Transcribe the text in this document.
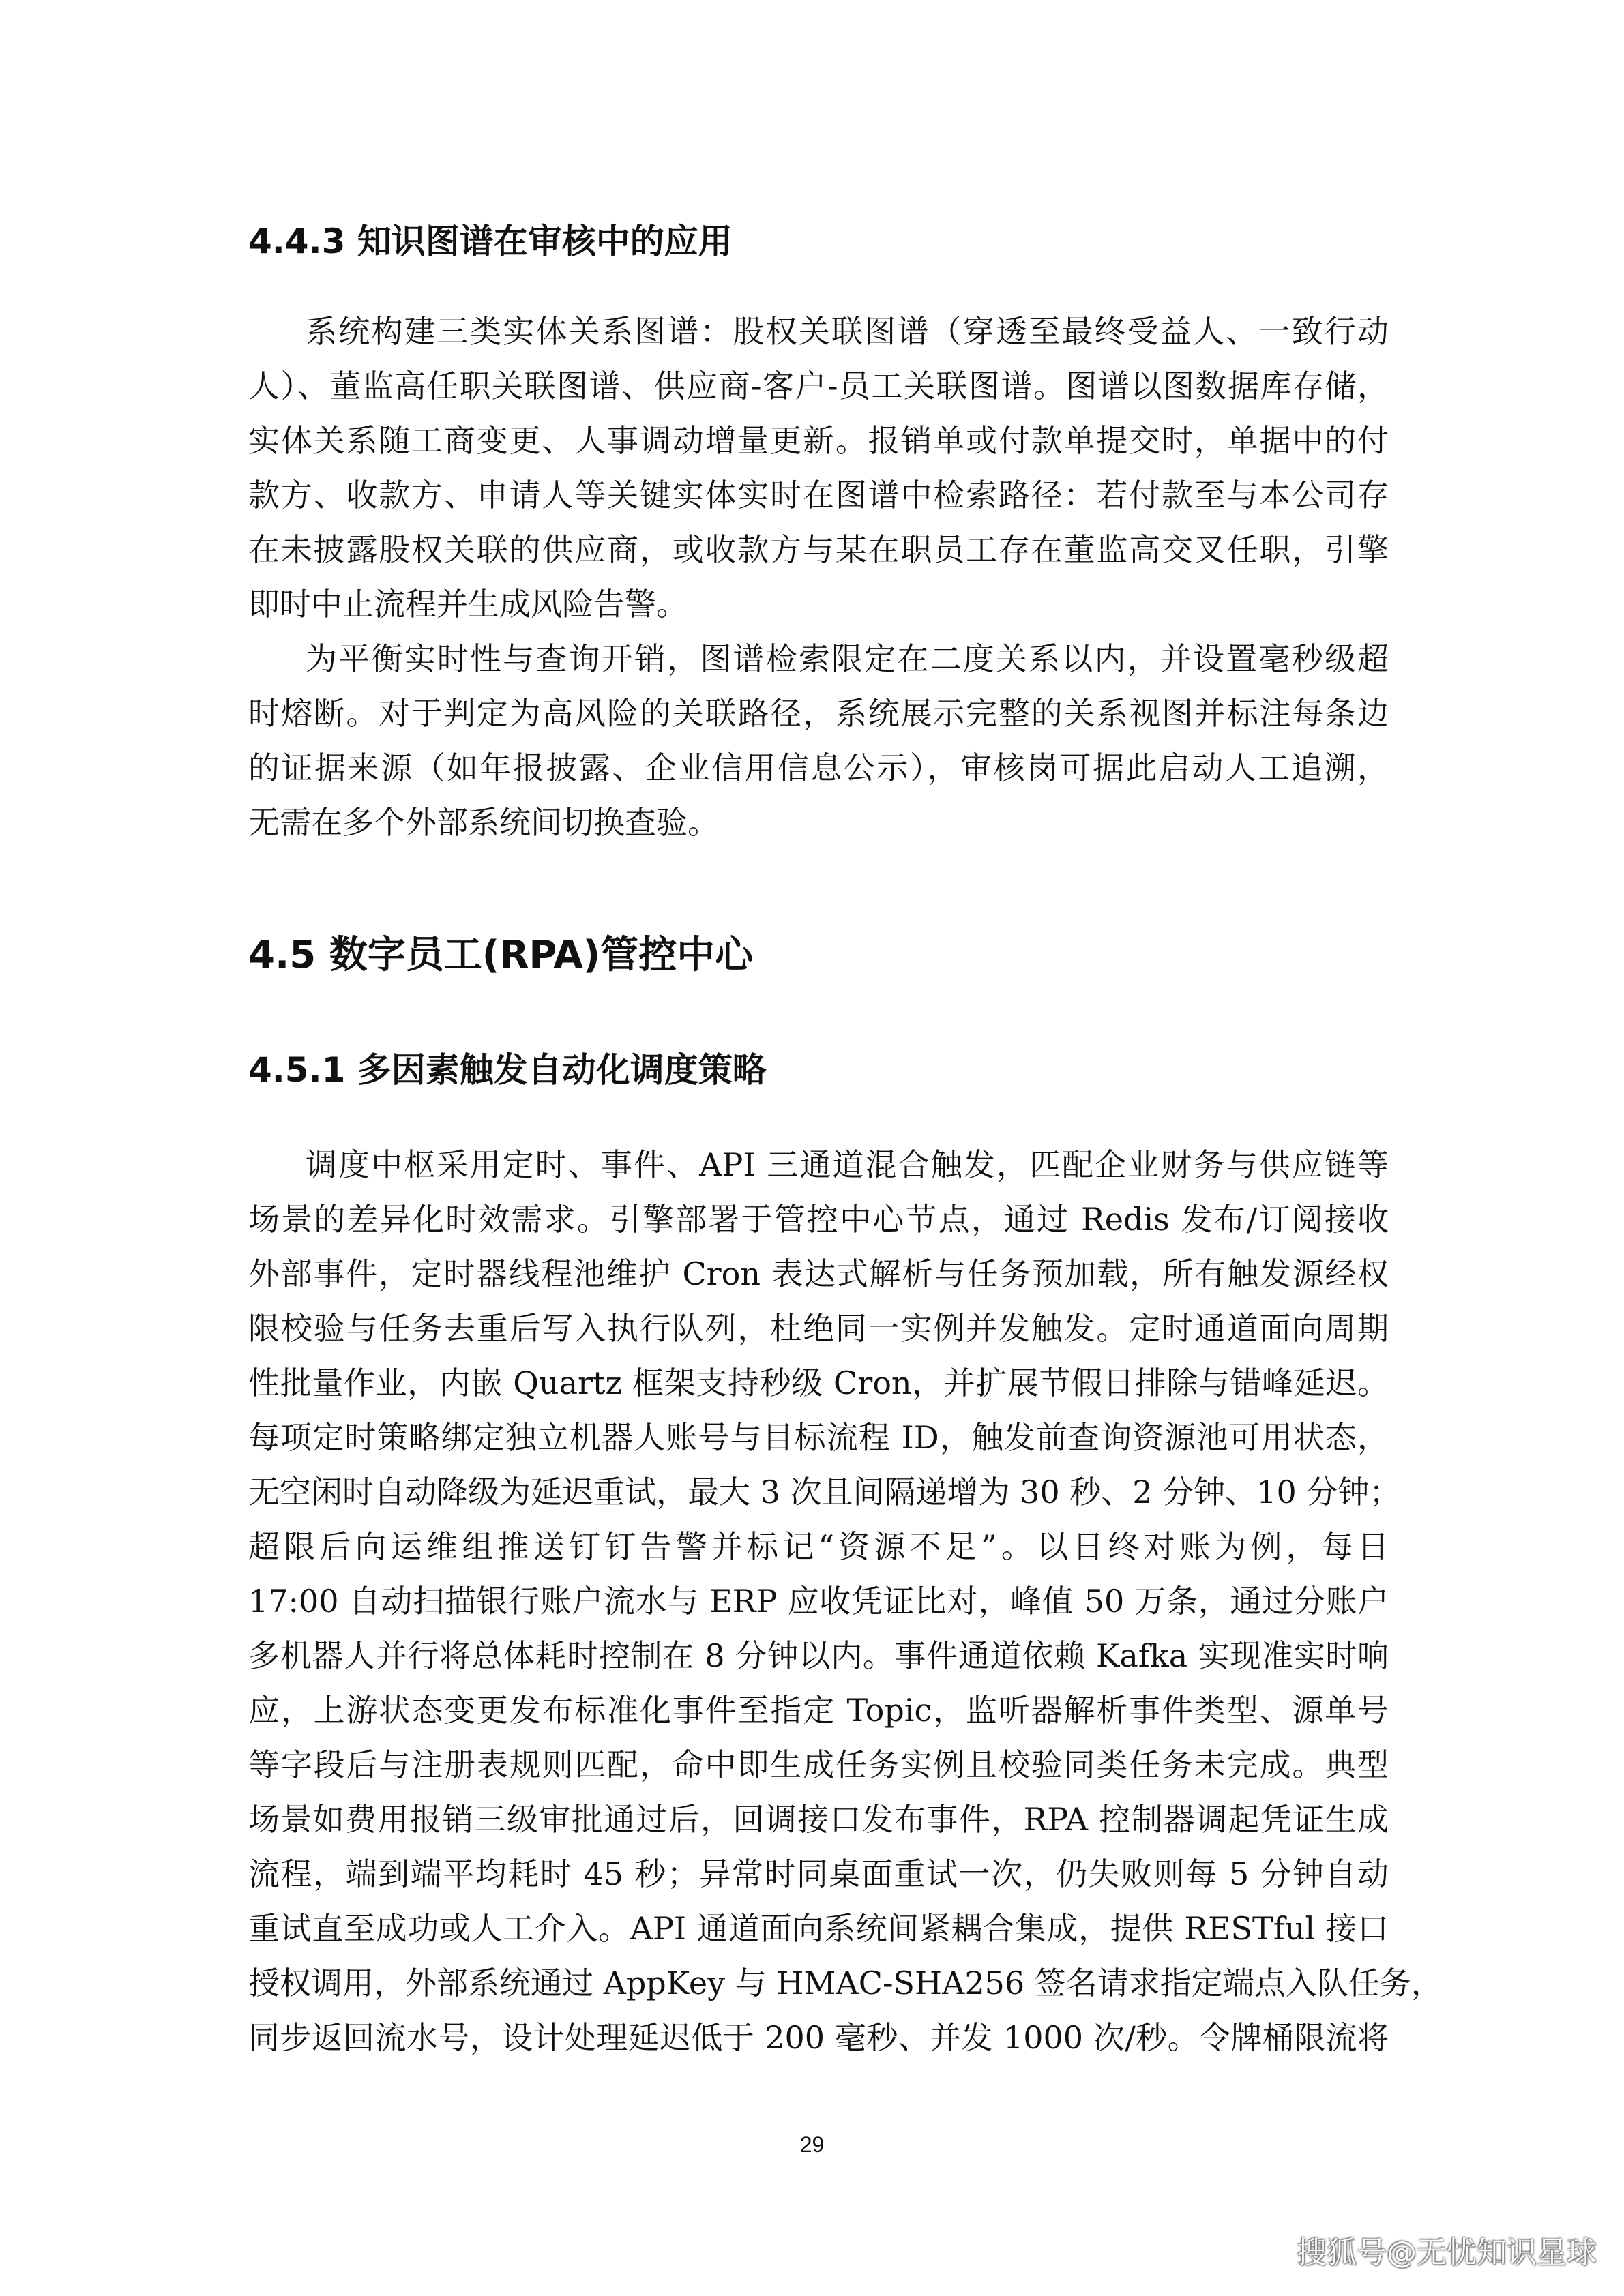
4.4.3 知识图谱在审核中的应用
系统构建三类实体关系图谱：股权关联图谱（穿透至最终受益人、一致行动
人）、董监高任职关联图谱、供应商-客户-员工关联图谱。图谱以图数据库存储，
实体关系随工商变更、人事调动增量更新。报销单或付款单提交时，单据中的付
款方、收款方、申请人等关键实体实时在图谱中检索路径：若付款至与本公司存
在未披露股权关联的供应商，或收款方与某在职员工存在董监高交叉任职，引擎
即时中止流程并生成风险告警。
为平衡实时性与查询开销，图谱检索限定在二度关系以内，并设置毫秒级超
时熔断。对于判定为高风险的关联路径，系统展示完整的关系视图并标注每条边
的证据来源（如年报披露、企业信用信息公示），审核岗可据此启动人工追溯，
无需在多个外部系统间切换查验。
4.5 数字员工(RPA)管控中心
4.5.1 多因素触发自动化调度策略
调度中枢采用定时、事件、API 三通道混合触发，匹配企业财务与供应链等
场景的差异化时效需求。引擎部署于管控中心节点，通过 Redis 发布/订阅接收
外部事件，定时器线程池维护 Cron 表达式解析与任务预加载，所有触发源经权
限校验与任务去重后写入执行队列，杜绝同一实例并发触发。定时通道面向周期
性批量作业，内嵌 Quartz 框架支持秒级 Cron，并扩展节假日排除与错峰延迟。
每项定时策略绑定独立机器人账号与目标流程 ID，触发前查询资源池可用状态，
无空闲时自动降级为延迟重试，最大 3 次且间隔递增为 30 秒、2 分钟、10 分钟；
超限后向运维组推送钉钉告警并标记“资源不足”。以日终对账为例，每日
17:00 自动扫描银行账户流水与 ERP 应收凭证比对，峰值 50 万条，通过分账户
多机器人并行将总体耗时控制在 8 分钟以内。事件通道依赖 Kafka 实现准实时响
应，上游状态变更发布标准化事件至指定 Topic，监听器解析事件类型、源单号
等字段后与注册表规则匹配，命中即生成任务实例且校验同类任务未完成。典型
场景如费用报销三级审批通过后，回调接口发布事件，RPA 控制器调起凭证生成
流程，端到端平均耗时 45 秒；异常时同桌面重试一次，仍失败则每 5 分钟自动
重试直至成功或人工介入。API 通道面向系统间紧耦合集成，提供 RESTful 接口
授权调用，外部系统通过 AppKey 与 HMAC-SHA256 签名请求指定端点入队任务，
同步返回流水号，设计处理延迟低于 200 毫秒、并发 1000 次/秒。令牌桶限流将
29
搜狐号@无忧知识星球
